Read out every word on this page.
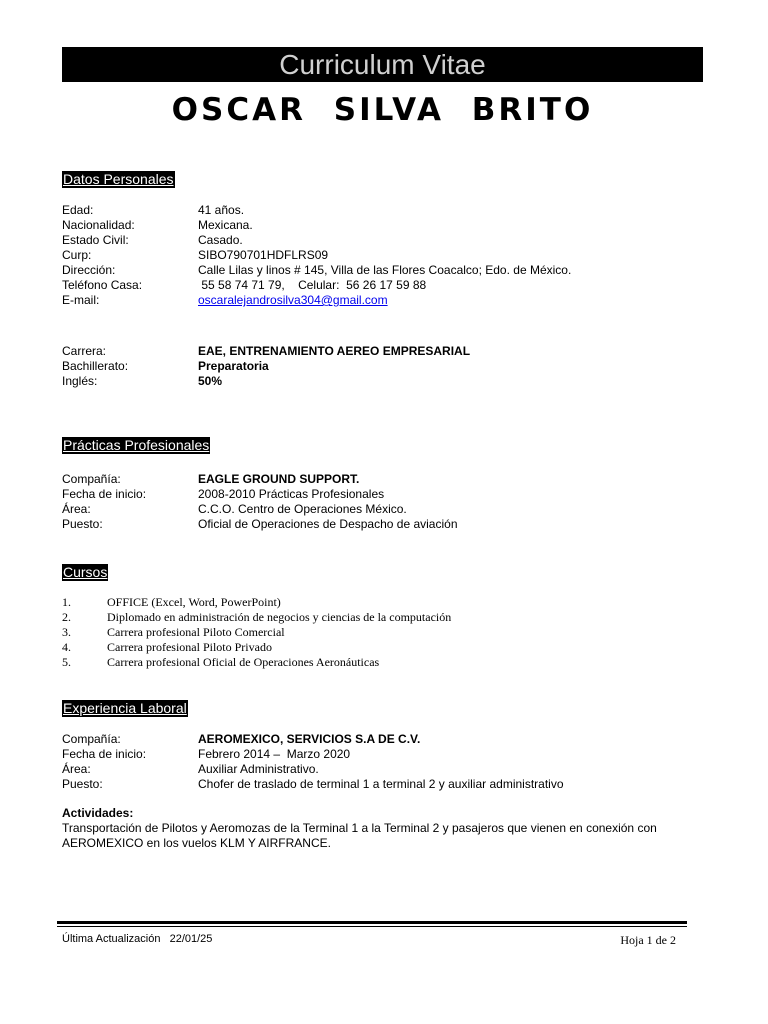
Curriculum Vitae
OSCAR SILVA BRITO
Datos Personales
Edad:	41 años.
Nacionalidad:	Mexicana.
Estado Civil:	Casado.
Curp:	SIBO790701HDFLRS09
Dirección:	Calle Lilas y linos # 145, Villa de las Flores Coacalco; Edo. de México.
Teléfono Casa:	55 58 74 71 79,    Celular:  56 26 17 59 88
E-mail:	oscaralejandrosilva304@gmail.com
Carrera:	EAE, ENTRENAMIENTO AEREO EMPRESARIAL
Bachillerato:	Preparatoria
Inglés:	50%
Prácticas Profesionales
Compañía:	EAGLE GROUND SUPPORT.
Fecha de inicio:	2008-2010 Prácticas Profesionales
Área:	C.C.O. Centro de Operaciones México.
Puesto:	Oficial de Operaciones de Despacho de aviación
Cursos
1.	OFFICE (Excel, Word, PowerPoint)
2.	Diplomado en administración de negocios y ciencias de la computación
3.	Carrera profesional Piloto Comercial
4.	Carrera profesional Piloto Privado
5.	Carrera profesional Oficial de Operaciones Aeronáuticas
Experiencia Laboral
Compañía:	AEROMEXICO, SERVICIOS S.A DE C.V.
Fecha de inicio:	Febrero 2014 –  Marzo 2020
Área:	Auxiliar Administrativo.
Puesto:	Chofer de traslado de terminal 1 a terminal 2 y auxiliar administrativo
Actividades:
Transportación de Pilotos y Aeromozas de la Terminal 1 a la Terminal 2 y pasajeros que vienen en conexión con AEROMEXICO en los vuelos KLM Y AIRFRANCE.
Última Actualización   22/01/25	Hoja 1 de 2
